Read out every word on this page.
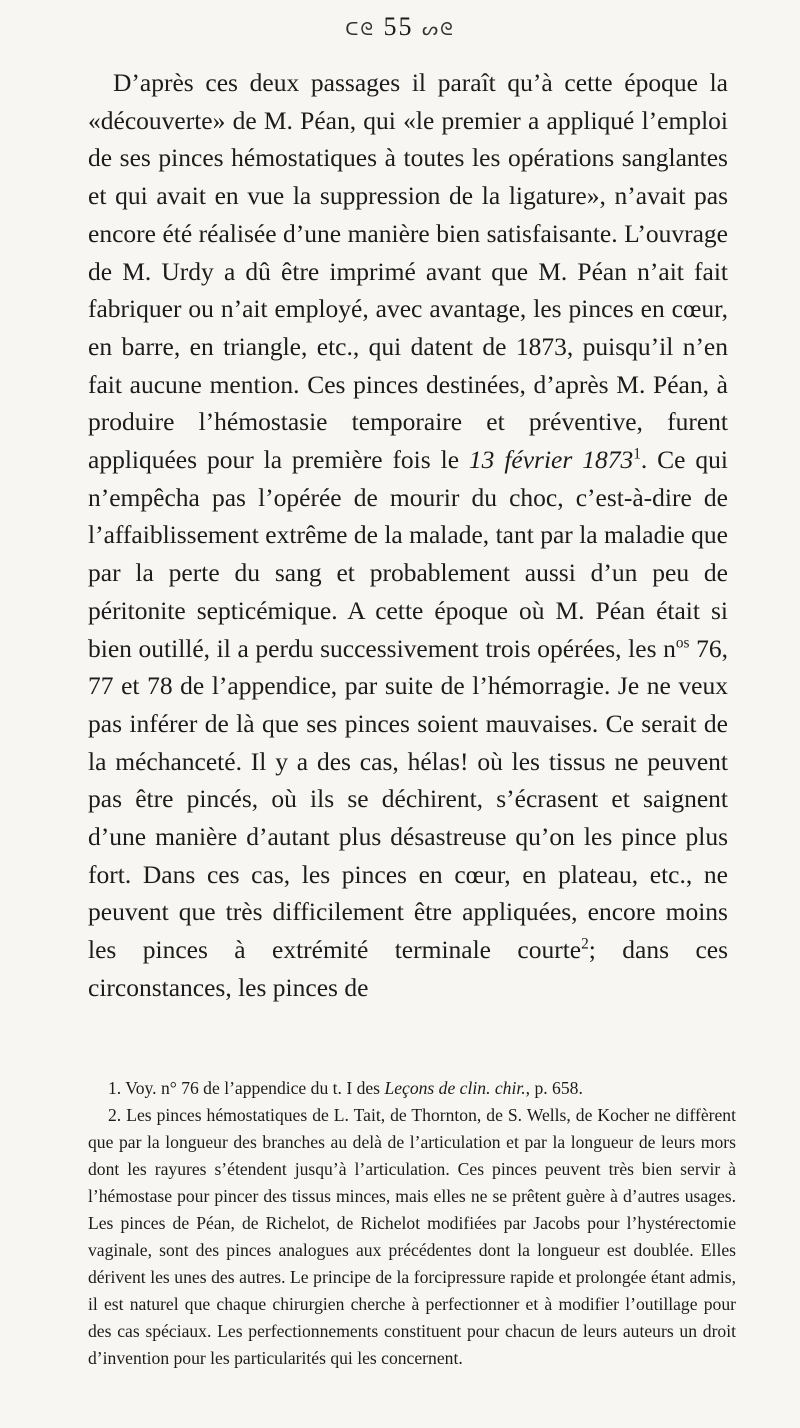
ᑕᘓ 55 ᔕᘓ

D’après ces deux passages il paraît qu’à cette époque la «découverte» de M. Péan, qui «le premier a appliqué l’emploi de ses pinces hémostatiques à toutes les opérations sanglantes et qui avait en vue la suppression de la ligature», n’avait pas encore été réalisée d’une manière bien satisfaisante. L’ouvrage de M. Urdy a dû être imprimé avant que M. Péan n’ait fait fabriquer ou n’ait employé, avec avantage, les pinces en cœur, en barre, en triangle, etc., qui datent de 1873, puisqu’il n’en fait aucune mention. Ces pinces destinées, d’après M. Péan, à produire l’hémostasie temporaire et préventive, furent appliquées pour la première fois le 13 février 1873$^1$. Ce qui n’empêcha pas l’opérée de mourir du choc, c’est-à-dire de l’affaiblissement extrême de la malade, tant par la maladie que par la perte du sang et probablement aussi d’un peu de péritonite septicémique. A cette époque où M. Péan était si bien outillé, il a perdu successivement trois opérées, les $n^{os}$ 76, 77 et 78 de l’appendice, par suite de l’hémorragie. Je ne veux pas inférer de là que ses pinces soient mauvaises. Ce serait de la méchanceté. Il y a des cas, hélas! où les tissus ne peuvent pas être pincés, où ils se déchirent, s’écrasent et saignent d’une manière d’autant plus désastreuse qu’on les pince plus fort. Dans ces cas, les pinces en cœur, en plateau, etc., ne peuvent que très difficilement être appliquées, encore moins les pinces à extrémité terminale courte$^2$; dans ces circonstances, les pinces de

1. Voy. n° 76 de l’appendice du t. I des Leçons de clin. chir., p. 658.

2. Les pinces hémostatiques de L. Tait, de Thornton, de S. Wells, de Kocher ne diffèrent que par la longueur des branches au delà de l’articulation et par la longueur de leurs mors dont les rayures s’étendent jusqu’à l’articulation. Ces pinces peuvent très bien servir à l’hémostase pour pincer des tissus minces, mais elles ne se prêtent guère à d’autres usages. Les pinces de Péan, de Richelot, de Richelot modifiées par Jacobs pour l’hystérectomie vaginale, sont des pinces analogues aux précédentes dont la longueur est doublée. Elles dérivent les unes des autres. Le principe de la forcipressure rapide et prolongée étant admis, il est naturel que chaque chirurgien cherche à perfectionner et à modifier l’outillage pour des cas spéciaux. Les perfectionnements constituent pour chacun de leurs auteurs un droit d’invention pour les particularités qui les concernent.
